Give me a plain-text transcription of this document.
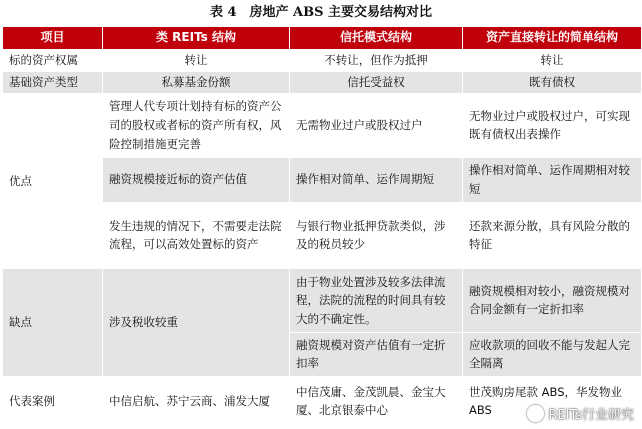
表 4　房地产 ABS 主要交易结构对比
项目	类 REITs 结构	信托模式结构	资产直接转让的简单结构
标的资产权属	转让	不转让，但作为抵押	转让
基础资产类型	私募基金份额	信托受益权	既有债权
优点	管理人代专项计划持有标的资产公司的股权或者标的资产所有权，风险控制措施更完善	无需物业过户或股权过户	无物业过户或股权过户，可实现既有债权出表操作
	融资规模接近标的资产估值	操作相对简单、运作周期短	操作相对简单、运作周期相对较短
	发生违规的情况下，不需要走法院流程，可以高效处置标的资产	与银行物业抵押贷款类似，涉及的税员较少	还款来源分散，具有风险分散的特征
缺点	涉及税收较重	由于物业处置涉及较多法律流程，法院的流程的时间具有较大的不确定性。	融资规模相对较小，融资规模对合同金额有一定折扣率
		融资规模对资产估值有一定折扣率	应收款项的回收不能与发起人完全隔离
代表案例	中信启航、苏宁云商、浦发大厦	中信茂庸、金茂凯晨、金宝大厦、北京银泰中心	世茂购房尾款 ABS，华发物业 ABS	REITs行业研究
